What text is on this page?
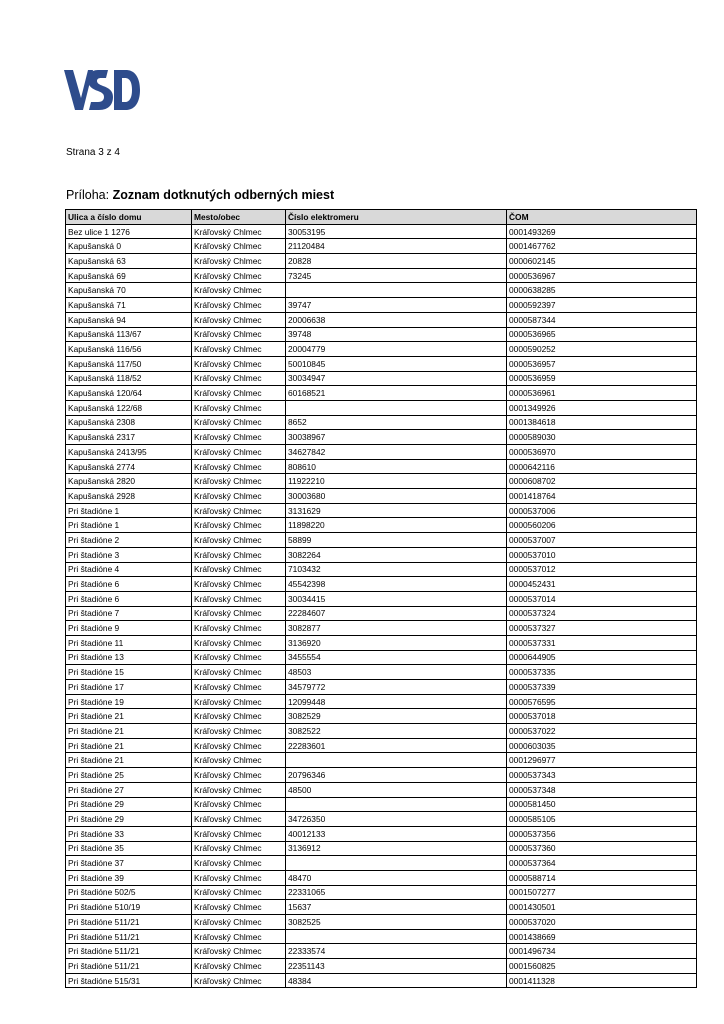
Strana 3 z 4
Príloha: Zoznam dotknutých odberných miest
Ulica a číslo domu	Mesto/obec	Číslo elektromeru	ČOM
Bez ulice 1 1276	Kráľovský Chlmec	30053195	0001493269
Kapušanská 0	Kráľovský Chlmec	21120484	0001467762
Kapušanská 63	Kráľovský Chlmec	20828	0000602145
Kapušanská 69	Kráľovský Chlmec	73245	0000536967
Kapušanská 70	Kráľovský Chlmec		0000638285
Kapušanská 71	Kráľovský Chlmec	39747	0000592397
Kapušanská 94	Kráľovský Chlmec	20006638	0000587344
Kapušanská 113/67	Kráľovský Chlmec	39748	0000536965
Kapušanská 116/56	Kráľovský Chlmec	20004779	0000590252
Kapušanská 117/50	Kráľovský Chlmec	50010845	0000536957
Kapušanská 118/52	Kráľovský Chlmec	30034947	0000536959
Kapušanská 120/64	Kráľovský Chlmec	60168521	0000536961
Kapušanská 122/68	Kráľovský Chlmec		0001349926
Kapušanská 2308	Kráľovský Chlmec	8652	0001384618
Kapušanská 2317	Kráľovský Chlmec	30038967	0000589030
Kapušanská 2413/95	Kráľovský Chlmec	34627842	0000536970
Kapušanská 2774	Kráľovský Chlmec	808610	0000642116
Kapušanská 2820	Kráľovský Chlmec	11922210	0000608702
Kapušanská 2928	Kráľovský Chlmec	30003680	0001418764
Pri štadióne 1	Kráľovský Chlmec	3131629	0000537006
Pri štadióne 1	Kráľovský Chlmec	11898220	0000560206
Pri štadióne 2	Kráľovský Chlmec	58899	0000537007
Pri štadióne 3	Kráľovský Chlmec	3082264	0000537010
Pri štadióne 4	Kráľovský Chlmec	7103432	0000537012
Pri štadióne 6	Kráľovský Chlmec	45542398	0000452431
Pri štadióne 6	Kráľovský Chlmec	30034415	0000537014
Pri štadióne 7	Kráľovský Chlmec	22284607	0000537324
Pri štadióne 9	Kráľovský Chlmec	3082877	0000537327
Pri štadióne 11	Kráľovský Chlmec	3136920	0000537331
Pri štadióne 13	Kráľovský Chlmec	3455554	0000644905
Pri štadióne 15	Kráľovský Chlmec	48503	0000537335
Pri štadióne 17	Kráľovský Chlmec	34579772	0000537339
Pri štadióne 19	Kráľovský Chlmec	12099448	0000576595
Pri štadióne 21	Kráľovský Chlmec	3082529	0000537018
Pri štadióne 21	Kráľovský Chlmec	3082522	0000537022
Pri štadióne 21	Kráľovský Chlmec	22283601	0000603035
Pri štadióne 21	Kráľovský Chlmec		0001296977
Pri štadióne 25	Kráľovský Chlmec	20796346	0000537343
Pri štadióne 27	Kráľovský Chlmec	48500	0000537348
Pri štadióne 29	Kráľovský Chlmec		0000581450
Pri štadióne 29	Kráľovský Chlmec	34726350	0000585105
Pri štadióne 33	Kráľovský Chlmec	40012133	0000537356
Pri štadióne 35	Kráľovský Chlmec	3136912	0000537360
Pri štadióne 37	Kráľovský Chlmec		0000537364
Pri štadióne 39	Kráľovský Chlmec	48470	0000588714
Pri štadióne 502/5	Kráľovský Chlmec	22331065	0001507277
Pri štadióne 510/19	Kráľovský Chlmec	15637	0001430501
Pri štadióne 511/21	Kráľovský Chlmec	3082525	0000537020
Pri štadióne 511/21	Kráľovský Chlmec		0001438669
Pri štadióne 511/21	Kráľovský Chlmec	22333574	0001496734
Pri štadióne 511/21	Kráľovský Chlmec	22351143	0001560825
Pri štadióne 515/31	Kráľovský Chlmec	48384	0001411328
